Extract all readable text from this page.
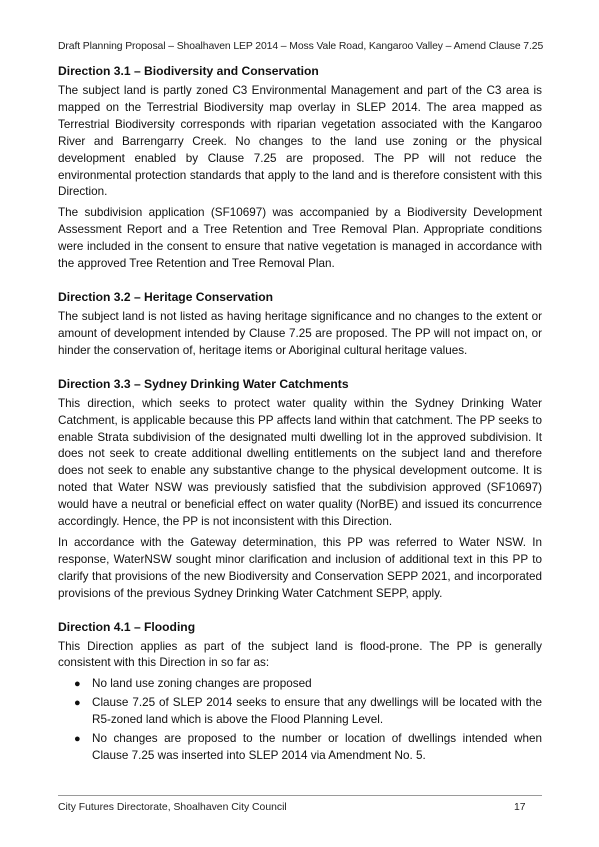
Draft Planning Proposal – Shoalhaven LEP 2014 – Moss Vale Road, Kangaroo Valley – Amend Clause 7.25
Direction 3.1 – Biodiversity and Conservation

The subject land is partly zoned C3 Environmental Management and part of the C3 area is mapped on the Terrestrial Biodiversity map overlay in SLEP 2014. The area mapped as Terrestrial Biodiversity corresponds with riparian vegetation associated with the Kangaroo River and Barrengarry Creek. No changes to the land use zoning or the physical development enabled by Clause 7.25 are proposed. The PP will not reduce the environmental protection standards that apply to the land and is therefore consistent with this Direction.

The subdivision application (SF10697) was accompanied by a Biodiversity Development Assessment Report and a Tree Retention and Tree Removal Plan. Appropriate conditions were included in the consent to ensure that native vegetation is managed in accordance with the approved Tree Retention and Tree Removal Plan.

Direction 3.2 – Heritage Conservation

The subject land is not listed as having heritage significance and no changes to the extent or amount of development intended by Clause 7.25 are proposed. The PP will not impact on, or hinder the conservation of, heritage items or Aboriginal cultural heritage values.

Direction 3.3 – Sydney Drinking Water Catchments

This direction, which seeks to protect water quality within the Sydney Drinking Water Catchment, is applicable because this PP affects land within that catchment. The PP seeks to enable Strata subdivision of the designated multi dwelling lot in the approved subdivision. It does not seek to create additional dwelling entitlements on the subject land and therefore does not seek to enable any substantive change to the physical development outcome. It is noted that Water NSW was previously satisfied that the subdivision approved (SF10697) would have a neutral or beneficial effect on water quality (NorBE) and issued its concurrence accordingly. Hence, the PP is not inconsistent with this Direction.

In accordance with the Gateway determination, this PP was referred to Water NSW. In response, WaterNSW sought minor clarification and inclusion of additional text in this PP to clarify that provisions of the new Biodiversity and Conservation SEPP 2021, and incorporated provisions of the previous Sydney Drinking Water Catchment SEPP, apply.

Direction 4.1 – Flooding

This Direction applies as part of the subject land is flood-prone. The PP is generally consistent with this Direction in so far as:

● No land use zoning changes are proposed
● Clause 7.25 of SLEP 2014 seeks to ensure that any dwellings will be located with the R5-zoned land which is above the Flood Planning Level.
● No changes are proposed to the number or location of dwellings intended when Clause 7.25 was inserted into SLEP 2014 via Amendment No. 5.
City Futures Directorate, Shoalhaven City Council	17
